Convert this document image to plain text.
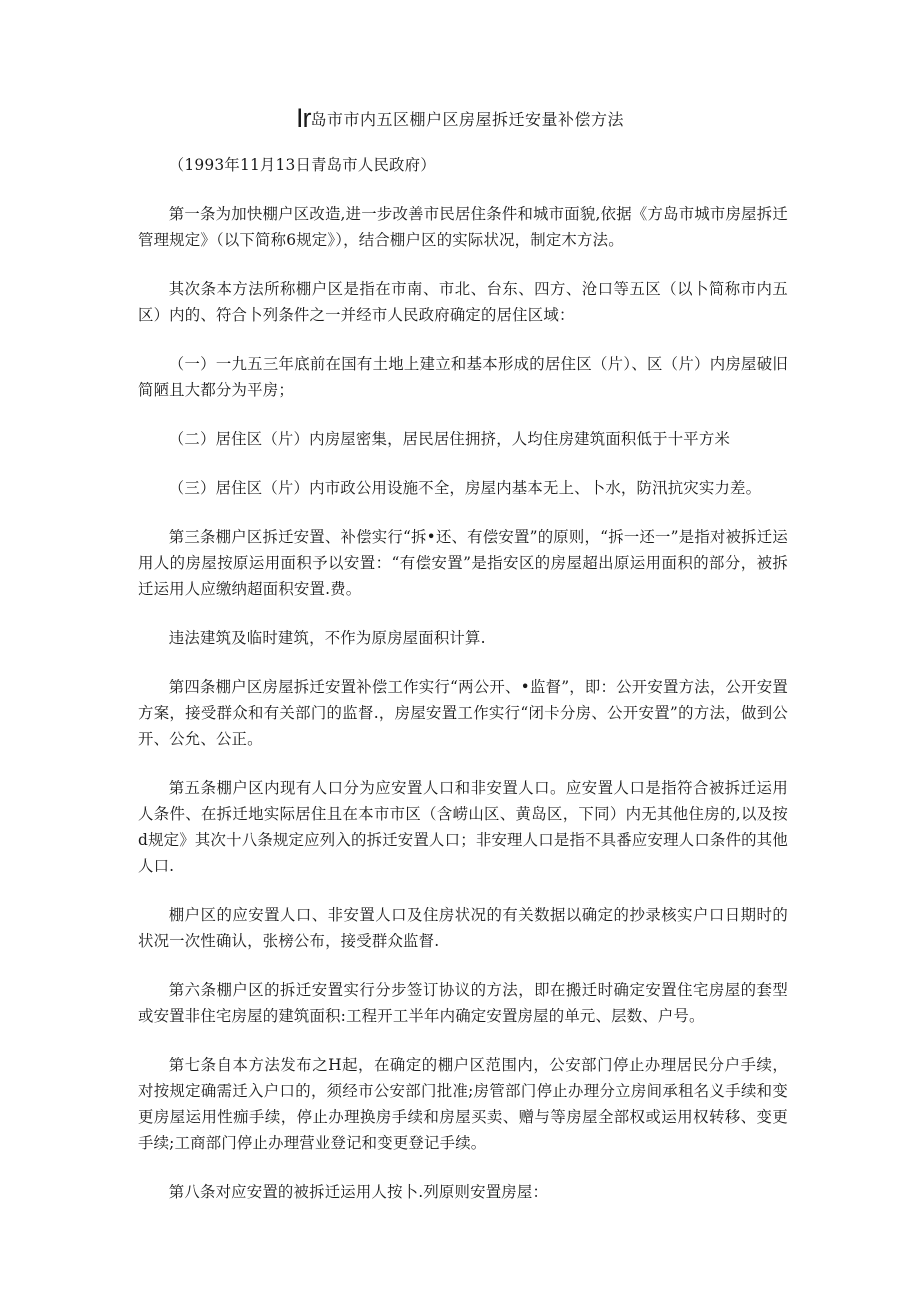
Ir岛市市内五区棚户区房屋拆迁安量补偿方法

（1993年11月13日青岛市人民政府）

第一条为加快棚户区改造,进一步改善市民居住条件和城市面貌,依据《方岛市城市房屋拆迁管理规定》（以下简称6规定》），结合棚户区的实际状况，制定木方法。

其次条本方法所称棚户区是指在市南、市北、台东、四方、沧口等五区（以卜简称市内五区）内的、符合卜列条件之一并经市人民政府确定的居住区域：

（一）一九五三年底前在国有土地上建立和基本形成的居住区（片）、区（片）内房屋破旧简陋且大都分为平房；

（二）居住区（片）内房屋密集，居民居住拥挤，人均住房建筑面积低于十平方米

（三）居住区（片）内市政公用设施不全，房屋内基本无上、卜水，防汛抗灾实力差。

第三条棚户区拆迁安置、补偿实行“拆•还、有偿安置”的原则，“拆一还一”是指对被拆迁运用人的房屋按原运用面积予以安置：“有偿安置”是指安区的房屋超出原运用面积的部分，被拆迁运用人应缴纳超面积安置.费。

违法建筑及临时建筑，不作为原房屋面积计算.

第四条棚户区房屋拆迁安置补偿工作实行“两公开、•监督”，即：公开安置方法，公开安置方案，接受群众和有关部门的监督.，房屋安置工作实行“闭卡分房、公开安置”的方法，做到公开、公允、公正。

第五条棚户区内现有人口分为应安置人口和非安置人口。应安置人口是指符合被拆迁运用人条件、在拆迁地实际居住且在本市市区（含崂山区、黄岛区，下同）内无其他住房的,以及按d规定》其次十八条规定应列入的拆迁安置人口；非安理人口是指不具番应安理人口条件的其他人口.

棚户区的应安置人口、非安置人口及住房状况的有关数据以确定的抄录核实户口日期时的状况一次性确认，张榜公布，接受群众监督.

第六条棚户区的拆迁安置实行分步签订协议的方法，即在搬迁时确定安置住宅房屋的套型或安置非住宅房屋的建筑面积:工程开工半年内确定安置房屋的单元、层数、户号。

第七条自本方法发布之H起，在确定的棚户区范围内，公安部门停止办理居民分户手续，对按规定确需迁入户口的，须经市公安部门批准;房管部门停止办理分立房间承租名义手续和变更房屋运用性痂手续，停止办理换房手续和房屋买卖、赠与等房屋全部权或运用权转移、变更手续;工商部门停止办理营业登记和变更登记手续。

第八条对应安置的被拆迁运用人按卜.列原则安置房屋：
